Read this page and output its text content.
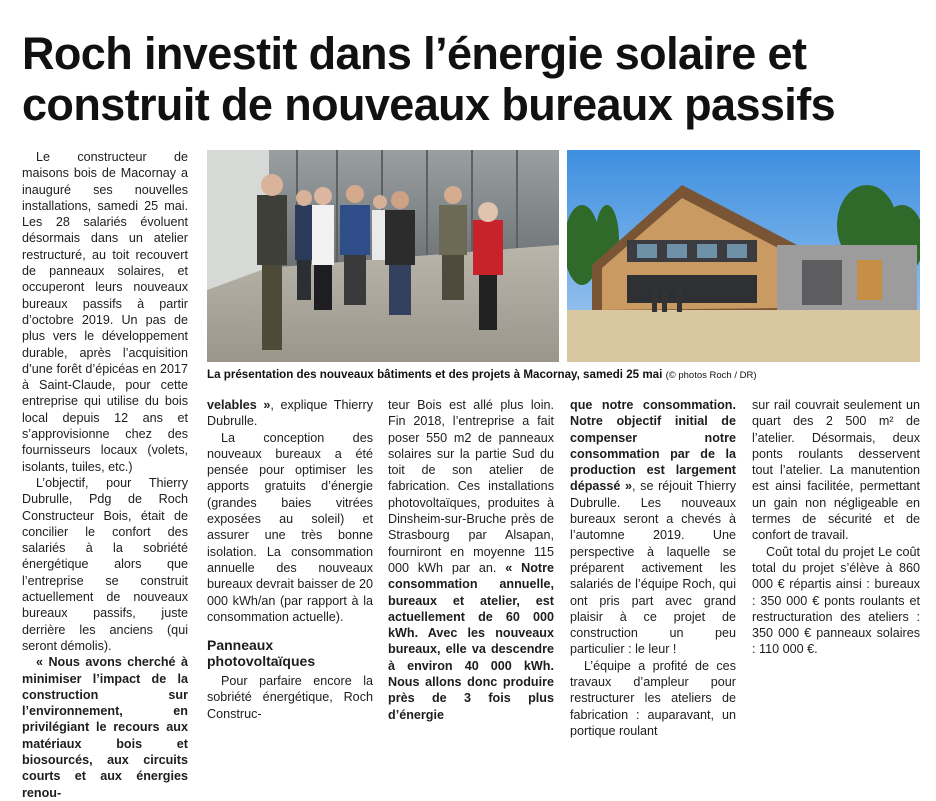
Roch investit dans l’énergie solaire et construit de nouveaux bureaux passifs

Le constructeur de maisons bois de Macornay a inauguré ses nouvelles installations, samedi 25 mai. Les 28 salariés évoluent désormais dans un atelier restructuré, au toit recouvert de panneaux solaires, et occuperont leurs nouveaux bureaux passifs à partir d’octobre 2019. Un pas de plus vers le développement durable, après l’acquisition d’une forêt d’épicéas en 2017 à Saint-Claude, pour cette entreprise qui utilise du bois local depuis 12 ans et s’approvisionne chez des fournisseurs locaux (volets, isolants, tuiles, etc.)

L’objectif, pour Thierry Dubrulle, Pdg de Roch Constructeur Bois, était de concilier le confort des salariés à la sobriété énergétique alors que l’entreprise se construit actuellement de nouveaux bureaux passifs, juste derrière les anciens (qui seront démolis).

« Nous avons cherché à minimiser l’impact de la construction sur l’environnement, en privilégiant le recours aux matériaux bois et biosourcés, aux circuits courts et aux énergies renou-

La présentation des nouveaux bâtiments et des projets à Macornay, samedi 25 mai (© photos Roch / DR)

velables », explique Thierry Dubrulle.

La conception des nouveaux bureaux a été pensée pour optimiser les apports gratuits d’énergie (grandes baies vitrées exposées au soleil) et assurer une très bonne isolation. La consommation annuelle des nouveaux bureaux devrait baisser de 20 000 kWh/an (par rapport à la consommation actuelle).

Panneaux photovoltaïques

Pour parfaire encore la sobriété énergétique, Roch Construc-

teur Bois est allé plus loin. Fin 2018, l’entreprise a fait poser 550 m2 de panneaux solaires sur la partie Sud du toit de son atelier de fabrication. Ces installations photovoltaïques, produites à Dinsheim-sur-Bruche près de Strasbourg par Alsapan, fourniront en moyenne 115 000 kWh par an. « Notre consommation annuelle, bureaux et atelier, est actuellement de 60 000 kWh. Avec les nouveaux bureaux, elle va descendre à environ 40 000 kWh. Nous allons donc produire près de 3 fois plus d’énergie

que notre consommation. Notre objectif initial de compenser notre consommation par de la production est largement dépassé », se réjouit Thierry Dubrulle. Les nouveaux bureaux seront a chevés à l’automne 2019. Une perspective à laquelle se préparent activement les salariés de l’équipe Roch, qui ont pris part avec grand plaisir à ce projet de construction un peu particulier : le leur !

L’équipe a profité de ces travaux d’ampleur pour restructurer les ateliers de fabrication : auparavant, un portique roulant

sur rail couvrait seulement un quart des 2 500 m² de l’atelier. Désormais, deux ponts roulants desservent tout l’atelier. La manutention est ainsi facilitée, permettant un gain non négligeable en termes de sécurité et de confort de travail.

Coût total du projet Le coût total du projet s’élève à 860 000 € répartis ainsi : bureaux : 350 000 € ponts roulants et restructuration des ateliers : 350 000 € panneaux solaires : 110 000 €.
